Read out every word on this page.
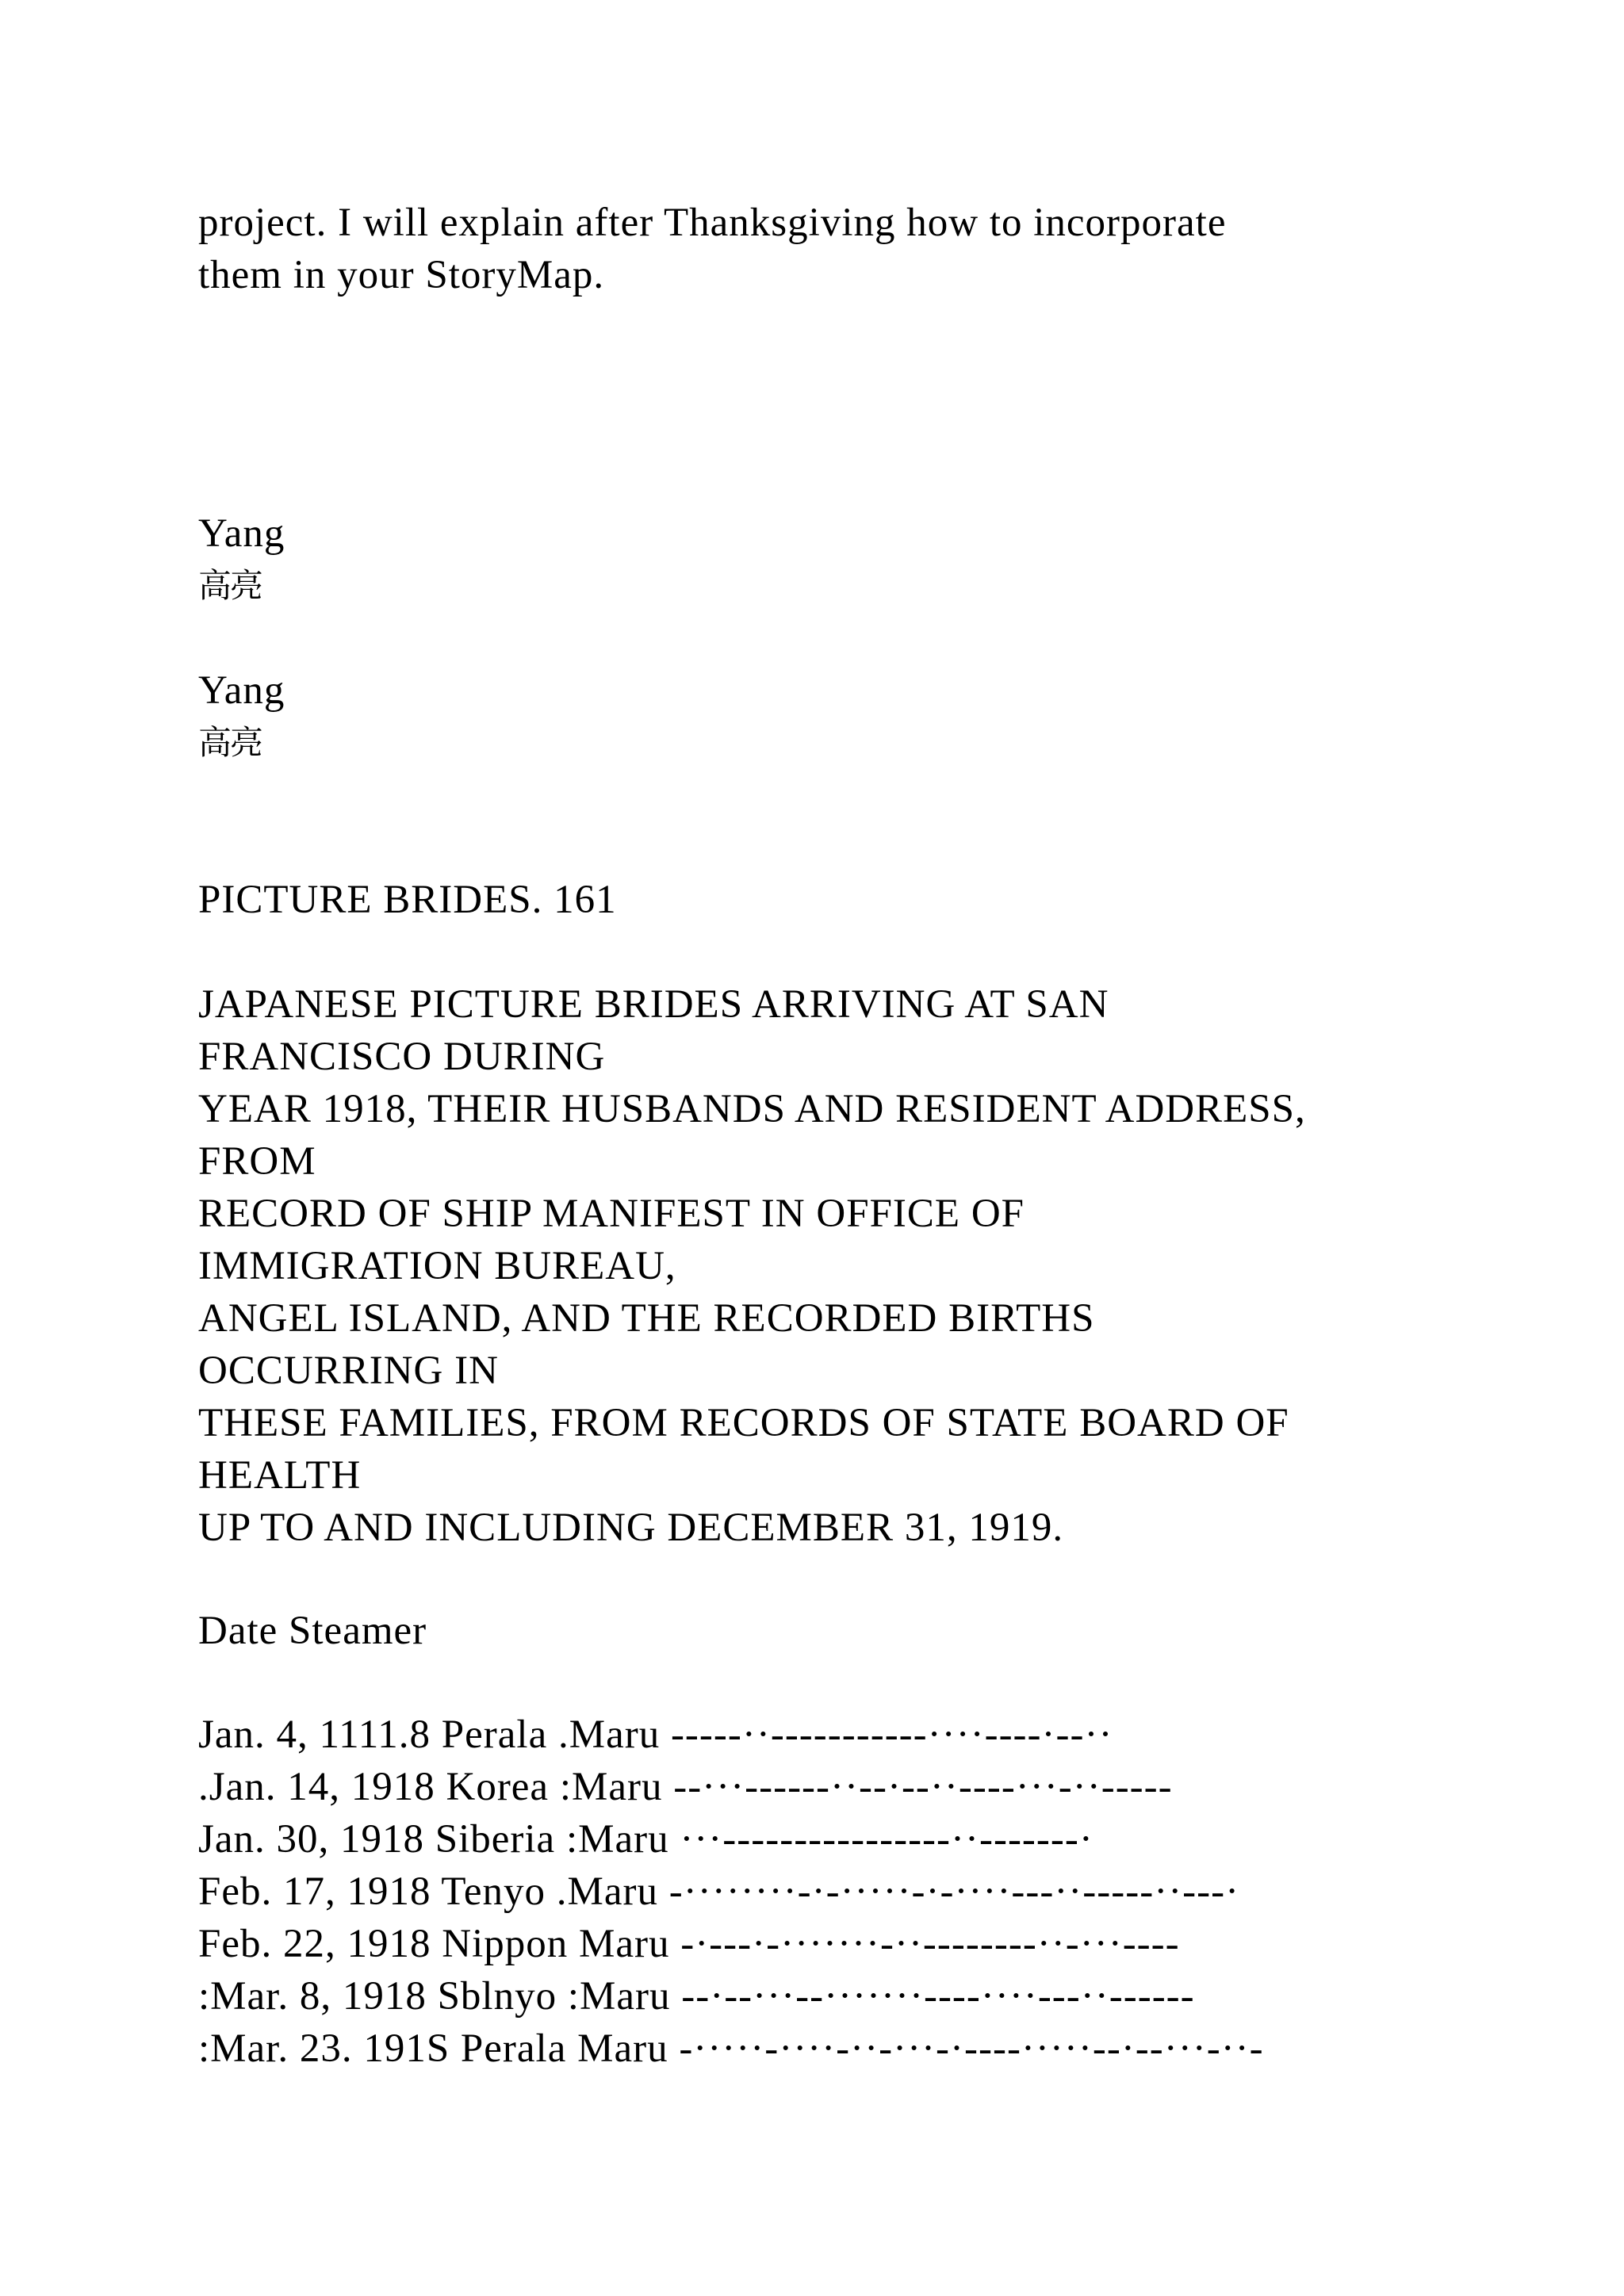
project. I will explain after Thanksgiving how to incorporate
them in your StoryMap.
Yang
高亮
Yang
高亮
PICTURE BRIDES. 161
JAPANESE PICTURE BRIDES ARRIVING AT SAN
FRANCISCO DURING
YEAR 1918, THEIR HUSBANDS AND RESIDENT ADDRESS,
FROM
RECORD OF SHIP MANIFEST IN OFFICE OF
IMMIGRATION BUREAU,
ANGEL ISLAND, AND THE RECORDED BIRTHS
OCCURRING IN
THESE FAMILIES, FROM RECORDS OF STATE BOARD OF
HEALTH
UP TO AND INCLUDING DECEMBER 31, 1919.
Date Steamer
Jan. 4, 1111.8 Perala .Maru -----··-----------····----·--··
.Jan. 14, 1918 Korea :Maru --···------··--·--··----···-··-----
Jan. 30, 1918 Siberia :Maru ···----------------··-------·
Feb. 17, 1918 Tenyo .Maru -········-·-·····-·-····---··-----··---·
Feb. 22, 1918 Nippon Maru -·---·-·······-··--------··-···----
:Mar. 8, 1918 Sblnyo :Maru --·--···--·······----····---··------
:Mar. 23. 191S Perala Maru -·····-····-··-···-·----·····--·--···-··-
